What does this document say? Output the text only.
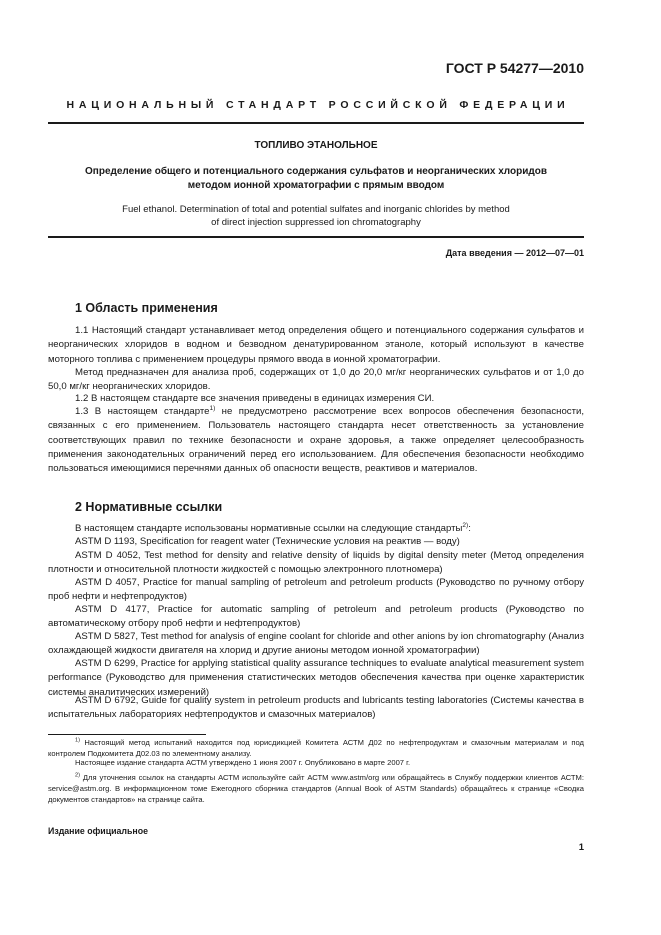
ГОСТ Р 54277—2010
НАЦИОНАЛЬНЫЙ СТАНДАРТ РОССИЙСКОЙ ФЕДЕРАЦИИ
ТОПЛИВО ЭТАНОЛЬНОЕ
Определение общего и потенциального содержания сульфатов и неорганических хлоридов
методом ионной хроматографии с прямым вводом
Fuel ethanol. Determination of total and potential sulfates and inorganic chlorides by method
of direct injection suppressed ion chromatography
Дата введения — 2012—07—01
1 Область применения
1.1 Настоящий стандарт устанавливает метод определения общего и потенциального содержания сульфатов и неорганических хлоридов в водном и безводном денатурированном этаноле, который используют в качестве моторного топлива с применением процедуры прямого ввода в ионной хроматографии.
Метод предназначен для анализа проб, содержащих от 1,0 до 20,0 мг/кг неорганических сульфатов и от 1,0 до 50,0 мг/кг неорганических хлоридов.
1.2 В настоящем стандарте все значения приведены в единицах измерения СИ.
1.3 В настоящем стандарте$^{1)}$ не предусмотрено рассмотрение всех вопросов обеспечения безопасности, связанных с его применением. Пользователь настоящего стандарта несет ответственность за установление соответствующих правил по технике безопасности и охране здоровья, а также определяет целесообразность применения законодательных ограничений перед его использованием. Для обеспечения безопасности необходимо пользоваться имеющимися перечнями данных об опасности веществ, реактивов и материалов.
2 Нормативные ссылки
В настоящем стандарте использованы нормативные ссылки на следующие стандарты$^{2)}$:
ASTM D 1193, Specification for reagent water (Технические условия на реактив — воду)
ASTM D 4052, Test method for density and relative density of liquids by digital density meter (Метод определения плотности и относительной плотности жидкостей с помощью электронного плотномера)
ASTM D 4057, Practice for manual sampling of petroleum and petroleum products (Руководство по ручному отбору проб нефти и нефтепродуктов)
ASTM D 4177, Practice for automatic sampling of petroleum and petroleum products (Руководство по автоматическому отбору проб нефти и нефтепродуктов)
ASTM D 5827, Test method for analysis of engine coolant for chloride and other anions by ion chromatography (Анализ охлаждающей жидкости двигателя на хлорид и другие анионы методом ионной хроматографии)
ASTM D 6299, Practice for applying statistical quality assurance techniques to evaluate analytical measurement system performance (Руководство для применения статистических методов обеспечения качества при оценке характеристик системы аналитических измерений)
ASTM D 6792, Guide for quality system in petroleum products and lubricants testing laboratories (Системы качества в испытательных лабораториях нефтепродуктов и смазочных материалов)
$^{1)}$ Настоящий метод испытаний находится под юрисдикцией Комитета АСТМ Д02 по нефтепродуктам и смазочным материалам и под контролем Подкомитета Д02.03 по элементному анализу.
Настоящее издание стандарта АСТМ утверждено 1 июня 2007 г. Опубликовано в марте 2007 г.
$^{2)}$ Для уточнения ссылок на стандарты АСТМ используйте сайт АСТМ www.astm/org или обращайтесь в Службу поддержки клиентов АСТМ: service@astm.org. В информационном томе Ежегодного сборника стандартов (Annual Book of ASTM Standards) обращайтесь к странице «Сводка документов стандартов» на странице сайта.
Издание официальное
1
